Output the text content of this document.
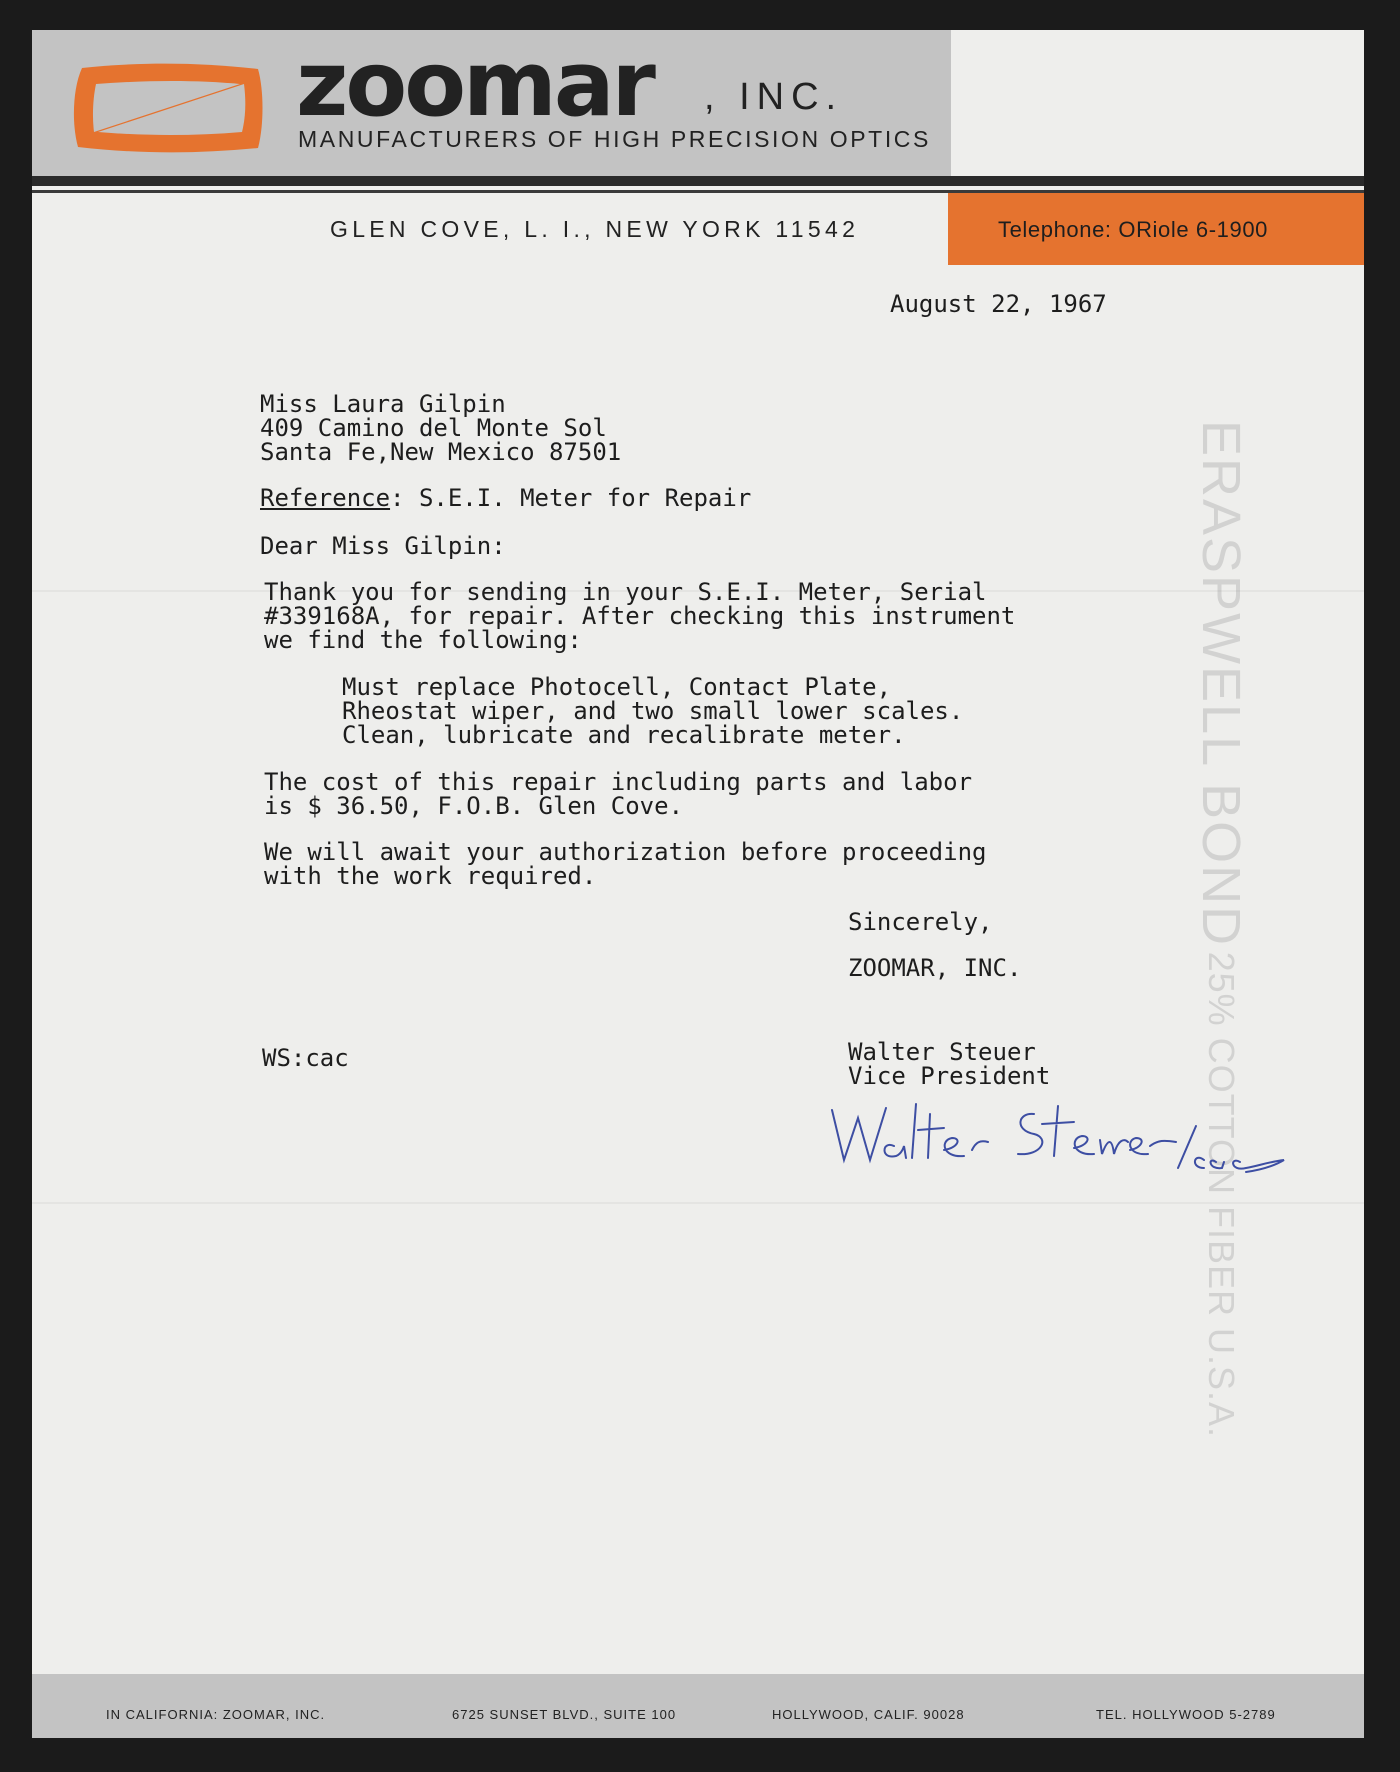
zoomar , INC.
MANUFACTURERS OF HIGH PRECISION OPTICS
GLEN COVE, L. I., NEW YORK 11542	Telephone: ORiole 6-1900
ERASPWELL BOND 25% COTTON FIBER U.S.A.
August 22, 1967
Miss Laura Gilpin
409 Camino del Monte Sol
Santa Fe,New Mexico 87501
Reference: S.E.I. Meter for Repair
Dear Miss Gilpin:
Thank you for sending in your S.E.I. Meter, Serial
#339168A, for repair. After checking this instrument
we find the following:
Must replace Photocell, Contact Plate,
Rheostat wiper, and two small lower scales.
Clean, lubricate and recalibrate meter.
The cost of this repair including parts and labor
is $ 36.50, F.O.B. Glen Cove.
We will await your authorization before proceeding
with the work required.
Sincerely,
ZOOMAR, INC.
Walter Steuer
Vice President
WS:cac
IN CALIFORNIA: ZOOMAR, INC.	6725 SUNSET BLVD., SUITE 100	HOLLYWOOD, CALIF. 90028	TEL. HOLLYWOOD 5-2789
